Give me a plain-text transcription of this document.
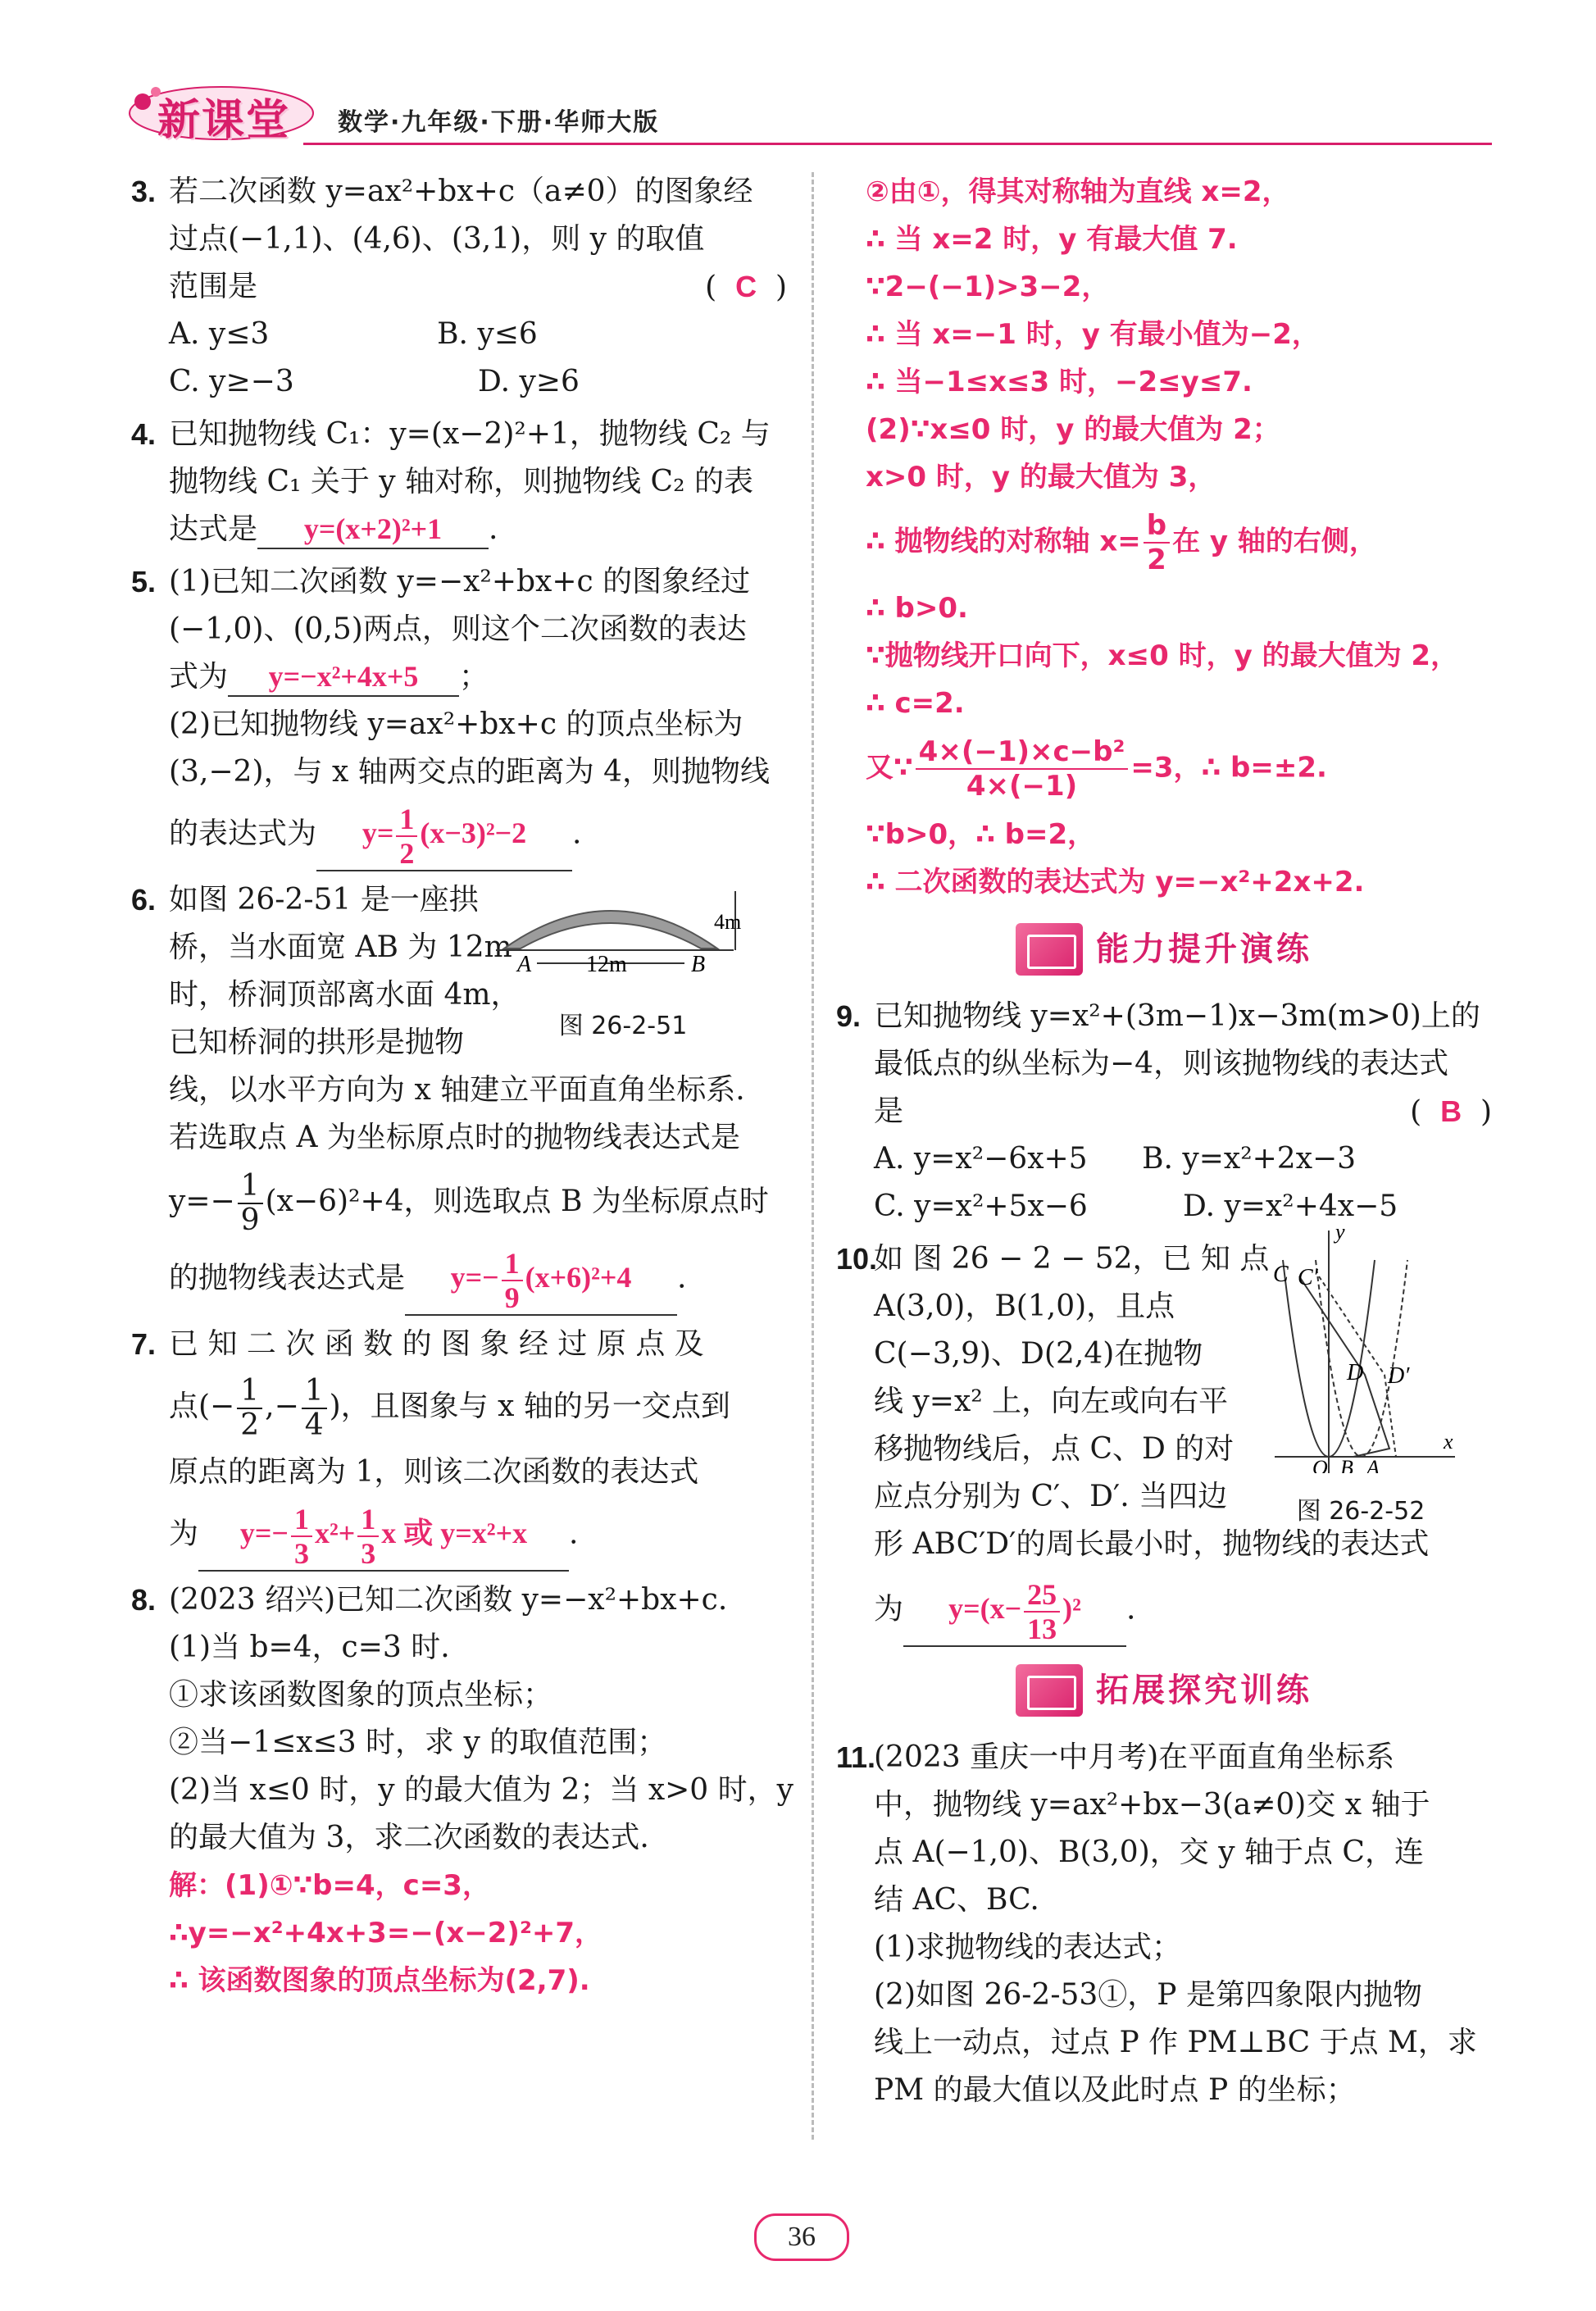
新课堂 数学·九年级·下册·华师大版
3. 若二次函数 y=ax²+bx+c（a≠0）的图象经
过点(−1,1)、(4,6)、(3,1)，则 y 的取值
范围是	(  C  )
A. y≤3	B. y≤6
C. y≥−3	D. y≥6
4. 已知抛物线 C₁：y=(x−2)²+1，抛物线 C₂ 与
抛物线 C₁ 关于 y 轴对称，则抛物线 C₂ 的表
达式是 y=(x+2)²+1 .
5. (1)已知二次函数 y=−x²+bx+c 的图象经过
(−1,0)、(0,5)两点，则这个二次函数的表达
式为 y=−x²+4x+5 ；
(2)已知抛物线 y=ax²+bx+c 的顶点坐标为
(3,−2)，与 x 轴两交点的距离为 4，则抛物线
的表达式为 $y= \frac{1}{2} (x-3)^2-2$ .
6. 如图 26-2-51 是一座拱
桥，当水面宽 AB 为 12m
时，桥洞顶部离水面 4m，
已知桥洞的拱形是抛物
4m
A 12m	B
图 26-2-51
线，以水平方向为 x 轴建立平面直角坐标系.
若选取点 A 为坐标原点时的抛物线表达式是
$y=- \frac{1}{9} (x-6)^2+4$，则选取点 B 为坐标原点时
的抛物线表达式是 $y=- \frac{1}{9} (x+6)^2+4$ .
7. 已 知 二 次 函 数 的 图 象 经 过 原 点 及
点(− $\frac{1}{2}$ ,− $\frac{1}{4}$ )，且图象与 x 轴的另一交点到
原点的距离为 1，则该二次函数的表达式
为 $y=- \frac{1}{3} x^2+ \frac{1}{3}$ x 或 y=x²+x .
8. (2023 绍兴)已知二次函数 y=−x²+bx+c.
(1)当 b=4，c=3 时.
①求该函数图象的顶点坐标；
②当−1≤x≤3 时，求 y 的取值范围；
(2)当 x≤0 时，y 的最大值为 2；当 x>0 时，y
的最大值为 3，求二次函数的表达式.
解：(1)①∵b=4，c=3，
∴y=−x²+4x+3=−(x−2)²+7，
∴ 该函数图象的顶点坐标为(2,7).
②由①，得其对称轴为直线 x=2，
∴ 当 x=2 时，y 有最大值 7.
∵2−(−1)>3−2，
∴ 当 x=−1 时，y 有最小值为−2，
∴ 当−1≤x≤3 时，−2≤y≤7.
(2)∵x≤0 时，y 的最大值为 2；
x>0 时，y 的最大值为 3，
∴ 抛物线的对称轴 $x= \frac{b}{2}$ 在 y 轴的右侧，
∴ b>0.
∵抛物线开口向下，x≤0 时，y 的最大值为 2，
∴ c=2.
又∵ $\frac{\text{4×(−1)×c−b²}}{4\times(-1)} =3$，∴ b=±2.
∵b>0，∴ b=2，
∴ 二次函数的表达式为 y=−x²+2x+2.
能力提升演练
9. 已知抛物线 y=x²+(3m−1)x−3m(m>0)上的
最低点的纵坐标为−4，则该抛物线的表达式
是	(  B  )
A. y=x²−6x+5	B. y=x²+2x−3
C. y=x²+5x−6	D. y=x²+4x−5
10.
如 图 26 − 2 − 52，已 知 点
A(3,0)，B(1,0)，且点
C(−3,9)、D(2,4)在抛物
线 y=x² 上，向左或向右平
移抛物线后，点 C、D 的对
应点分别为 C′、D′. 当四边
y
x
C C′
D D′
O B A
图 26-2-52
形 ABC′D′的周长最小时，抛物线的表达式
为 $y=(x- \frac{25}{13} )^2$ .
拓展探究训练
11.
(2023 重庆一中月考)在平面直角坐标系
中，抛物线 y=ax²+bx−3(a≠0)交 x 轴于
点 A(−1,0)、B(3,0)，交 y 轴于点 C，连
结 AC、BC.
(1)求抛物线的表达式；
(2)如图 26-2-53①，P 是第四象限内抛物
线上一动点，过点 P 作 PM⊥BC 于点 M，求
PM 的最大值以及此时点 P 的坐标；
36
